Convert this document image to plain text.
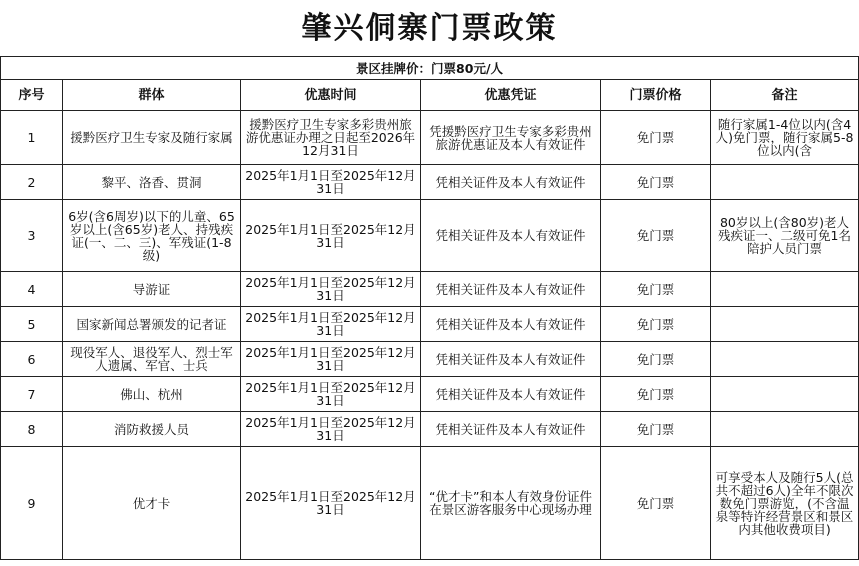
肇兴侗寨门票政策					
景区挂牌价：门票80元/人					
序号	群体	优惠时间	优惠凭证	门票价格	备注
1	援黔医疗卫生专家及随行家属	援黔医疗卫生专家多彩贵州旅游优惠证办理之日起至2026年12月31日	凭援黔医疗卫生专家多彩贵州旅游优惠证及本人有效证件	免门票	随行家属1-4位以内(含4人)免门票，随行家属5-8位以内(含

2	黎平、洛香、贯洞	2025年1月1日至2025年12月31日	凭相关证件及本人有效证件	免门票	
3	6岁(含6周岁)以下的儿童、65岁以上(含65岁)老人、持残疾证(一、二、三)、军残证(1-8级)	2025年1月1日至2025年12月31日	凭相关证件及本人有效证件	免门票	80岁以上(含80岁)老人残疾证一、二级可免1名陪护人员门票

4	导游证	2025年1月1日至2025年12月31日	凭相关证件及本人有效证件	免门票	
5	国家新闻总署颁发的记者证	2025年1月1日至2025年12月31日	凭相关证件及本人有效证件	免门票	
6	现役军人、退役军人、烈士军人遗属、军官、士兵	2025年1月1日至2025年12月31日	凭相关证件及本人有效证件	免门票	
7	佛山、杭州	2025年1月1日至2025年12月31日	凭相关证件及本人有效证件	免门票	
8	消防救援人员	2025年1月1日至2025年12月31日	凭相关证件及本人有效证件	免门票	
9	优才卡	2025年1月1日至2025年12月31日	“优才卡”和本人有效身份证件在景区游客服务中心现场办理	免门票	可享受本人及随行5人(总共不超过6人)全年不限次数免门票游览，(不含温泉等特许经营景区和景区内其他收费项目)
